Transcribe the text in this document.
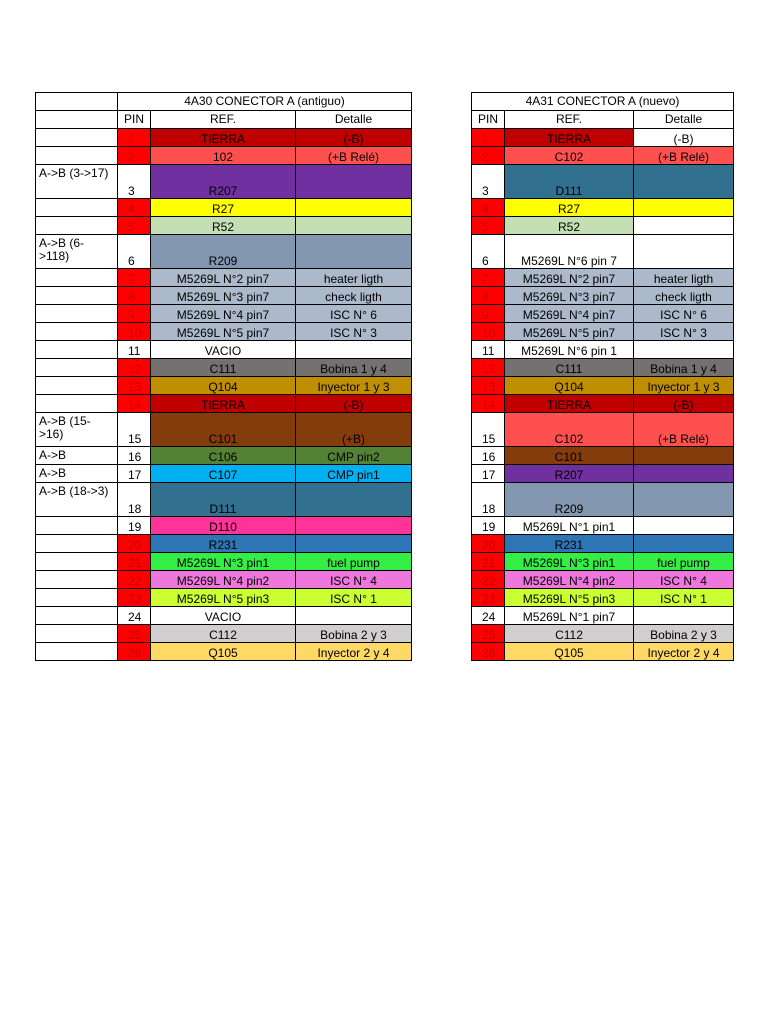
	4A30 CONECTOR A (antiguo)		
	PIN	REF.	Detalle
	1	TIERRA	(-B)
	2	102	(+B Relé)
A->B (3->17)	3	R207	
	4	R27	
	5	R52	
A->B (6->118)	6	R209	
	7	M5269L N°2 pin7	heater ligth
	8	M5269L N°3 pin7	check ligth
	9	M5269L N°4 pin7	ISC N° 6
	10	M5269L N°5 pin7	ISC N° 3
	11	VACIO	
	12	C111	Bobina 1 y 4
	13	Q104	Inyector 1 y 3
	14	TIERRA	(-B)
A->B (15->16)	15	C101	(+B)
A->B	16	C106	CMP pin2
A->B	17	C107	CMP pin1
A->B (18->3)	18	D111	
	19	D110	
	20	R231	
	21	M5269L N°3 pin1	fuel pump
	22	M5269L N°4 pin2	ISC N° 4
	23	M5269L N°5 pin3	ISC N° 1
	24	VACIO	
	25	C112	Bobina 2 y 3
	26	Q105	Inyector 2 y 4
4A31 CONECTOR A (nuevo)		
PIN	REF.	Detalle
1	TIERRA	(-B)
2	C102	(+B Relé)
3	D111	
4	R27	
5	R52	
6	M5269L N°6 pin 7	
7	M5269L N°2 pin7	heater ligth
8	M5269L N°3 pin7	check ligth
9	M5269L N°4 pin7	ISC N° 6
10	M5269L N°5 pin7	ISC N° 3
11	M5269L N°6 pin 1	
12	C111	Bobina 1 y 4
13	Q104	Inyector 1 y 3
14	TIERRA	(-B)
15	C102	(+B Relé)
16	C101	
17	R207	
18	R209	
19	M5269L N°1 pin1	
20	R231	
21	M5269L N°3 pin1	fuel pump
22	M5269L N°4 pin2	ISC N° 4
23	M5269L N°5 pin3	ISC N° 1
24	M5269L N°1 pin7	
25	C112	Bobina 2 y 3
26	Q105	Inyector 2 y 4
